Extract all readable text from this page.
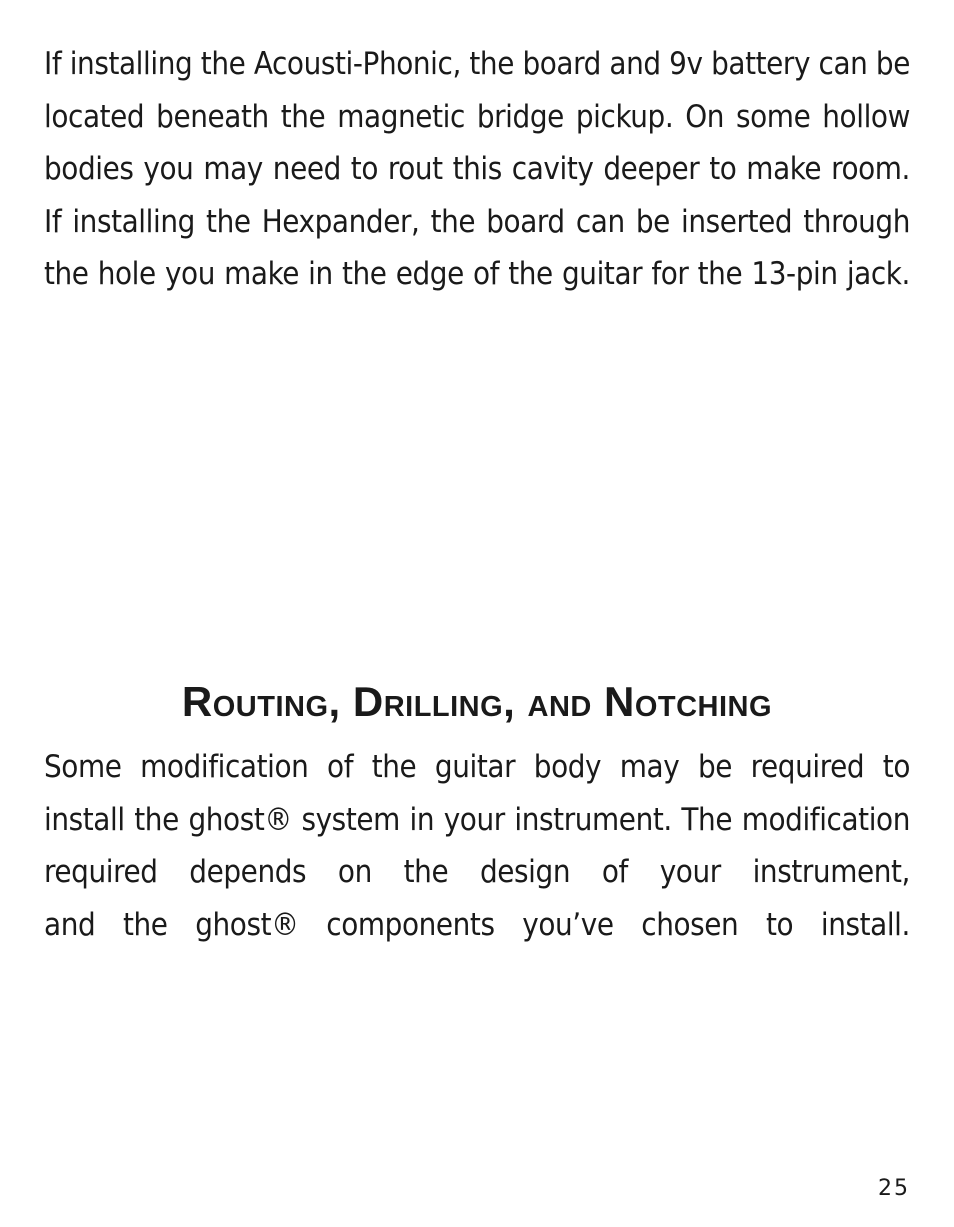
If installing the Acousti-Phonic, the board and 9v battery can be
located beneath the magnetic bridge pickup. On some hollow
bodies you may need to rout this cavity deeper to make room.
If installing the Hexpander, the board can be inserted through
the hole you make in the edge of the guitar for the 13-pin jack.

Routing, Drilling, and Notching

Some modification of the guitar body may be required to
install the ghost® system in your instrument. The modification
required depends on the design of your instrument,
and the ghost® components you’ve chosen to install.

25
